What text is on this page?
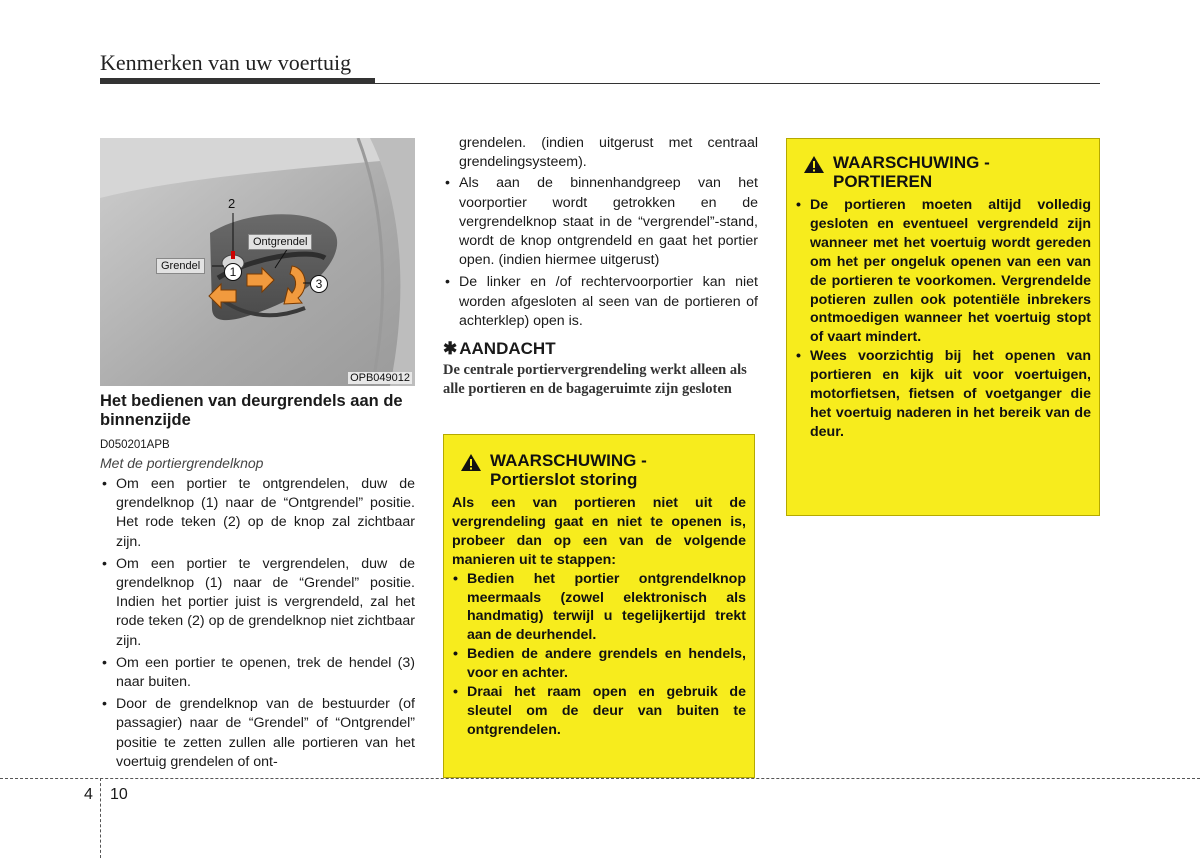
Kenmerken van uw voertuig
2
Ontgrendel
Grendel	1
3
OPB049012
Het bedienen van deurgrendels aan de binnenzijde
D050201APB
Met de portiergrendelknop
• Om een portier te ontgrendelen, duw de grendelknop (1) naar de “Ontgrendel” positie. Het rode teken (2) op de knop zal zichtbaar zijn.
• Om een portier te vergrendelen, duw de grendelknop (1) naar de “Grendel” positie. Indien het portier juist is vergrendeld, zal het rode teken (2) op de grendelknop niet zichtbaar zijn.
• Om een portier te openen, trek de hendel (3) naar buiten.
• Door de grendelknop van de bestuurder (of passagier) naar de “Grendel” of “Ontgrendel” positie te zetten zullen alle portieren van het voertuig grendelen of ont-

grendelen. (indien uitgerust met centraal grendelingsysteem).

• Als aan de binnenhandgreep van het voorportier wordt getrokken en de vergrendelknop staat in de “vergrendel”-stand, wordt de knop ontgrendeld en gaat het portier open. (indien hiermee uitgerust)
• De linker en /of rechtervoorportier kan niet worden afgesloten al seen van de portieren of achterklep) open is.
✱ AANDACHT
De centrale portiervergrendeling werkt alleen als alle portieren en de bagageruimte zijn gesloten
WAARSCHUWING -
Portierslot storing
Als een van portieren niet uit de vergrendeling gaat en niet te openen is, probeer dan op een van de volgende manieren uit te stappen:
• Bedien het portier ontgrendelknop meermaals (zowel elektronisch als handmatig) terwijl u tegelijkertijd trekt aan de deurhendel.
• Bedien de andere grendels en hendels, voor en achter.
• Draai het raam open en gebruik de sleutel om de deur van buiten te ontgrendelen.
WAARSCHUWING -
PORTIEREN
• De portieren moeten altijd volledig gesloten en eventueel vergrendeld zijn wanneer met het voertuig wordt gereden om het per ongeluk openen van een van de portieren te voorkomen. Vergrendelde potieren zullen ook potentiële inbrekers ontmoedigen wanneer het voertuig stopt of vaart mindert.
• Wees voorzichtig bij het openen van portieren en kijk uit voor voertuigen, motorfietsen, fietsen of voetganger die het voertuig naderen in het bereik van de deur.
4 10
